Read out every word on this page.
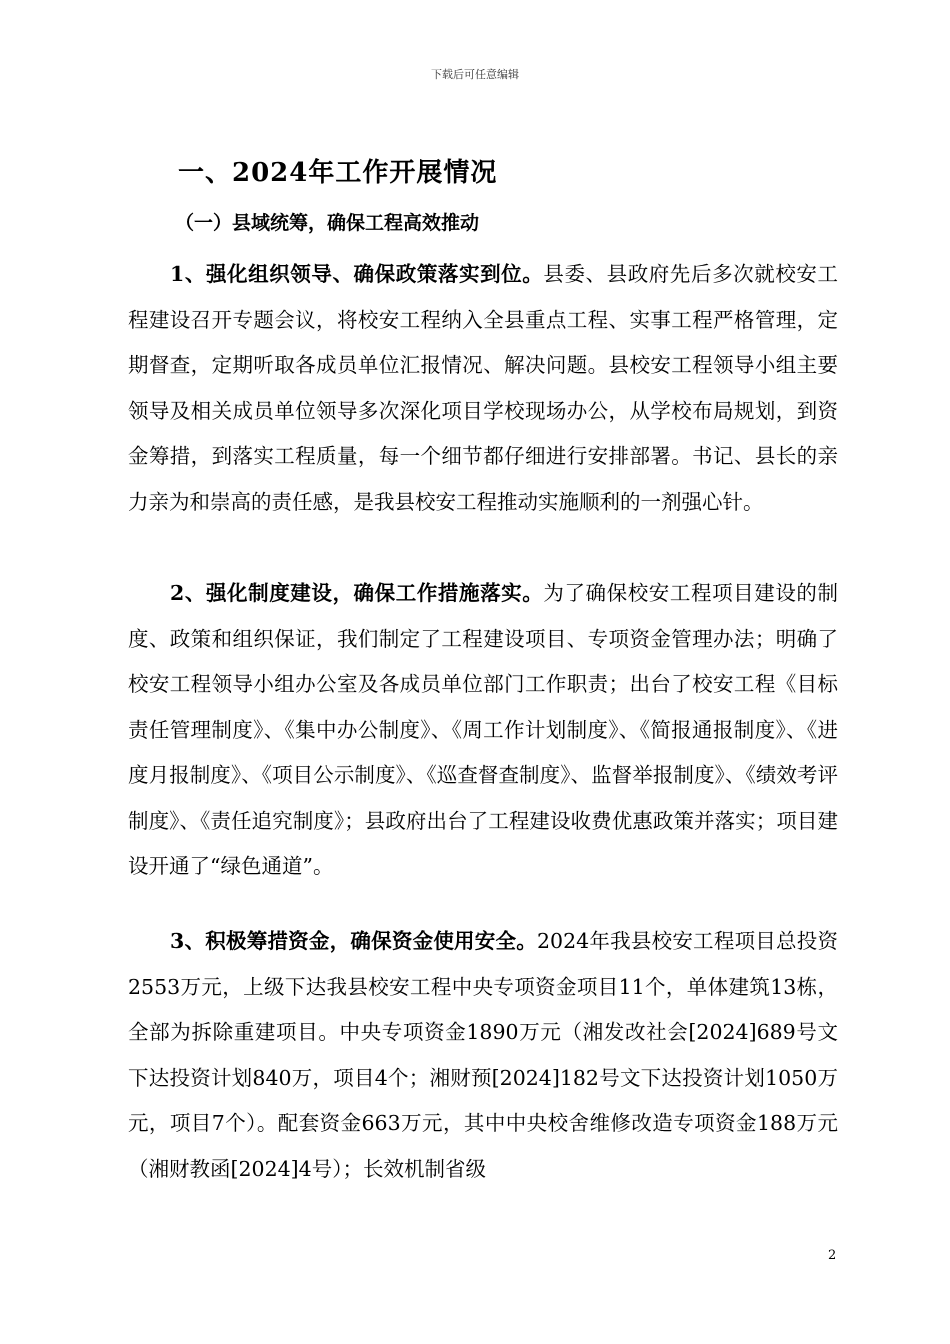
下载后可任意编辑
一、2024年工作开展情况
（一）县域统筹，确保工程高效推动

1、强化组织领导、确保政策落实到位。县委、县政府先后多次就校安工程建设召开专题会议，将校安工程纳入全县重点工程、实事工程严格管理，定期督查，定期听取各成员单位汇报情况、解决问题。县校安工程领导小组主要领导及相关成员单位领导多次深化项目学校现场办公，从学校布局规划，到资金筹措，到落实工程质量，每一个细节都仔细进行安排部署。书记、县长的亲力亲为和崇高的责任感，是我县校安工程推动实施顺利的一剂强心针。

2、强化制度建设，确保工作措施落实。为了确保校安工程项目建设的制度、政策和组织保证，我们制定了工程建设项目、专项资金管理办法；明确了校安工程领导小组办公室及各成员单位部门工作职责；出台了校安工程《目标责任管理制度》、《集中办公制度》、《周工作计划制度》、《简报通报制度》、《进度月报制度》、《项目公示制度》、《巡查督查制度》、监督举报制度》、《绩效考评制度》、《责任追究制度》；县政府出台了工程建设收费优惠政策并落实；项目建设开通了“绿色通道”。

3、积极筹措资金，确保资金使用安全。2024年我县校安工程项目总投资2553万元，上级下达我县校安工程中央专项资金项目11个，单体建筑13栋，全部为拆除重建项目。中央专项资金1890万元（湘发改社会[2024]689号文下达投资计划840万，项目4个；湘财预[2024]182号文下达投资计划1050万元，项目7个）。配套资金663万元，其中中央校舍维修改造专项资金188万元（湘财教函[2024]4号）；长效机制省级

2
